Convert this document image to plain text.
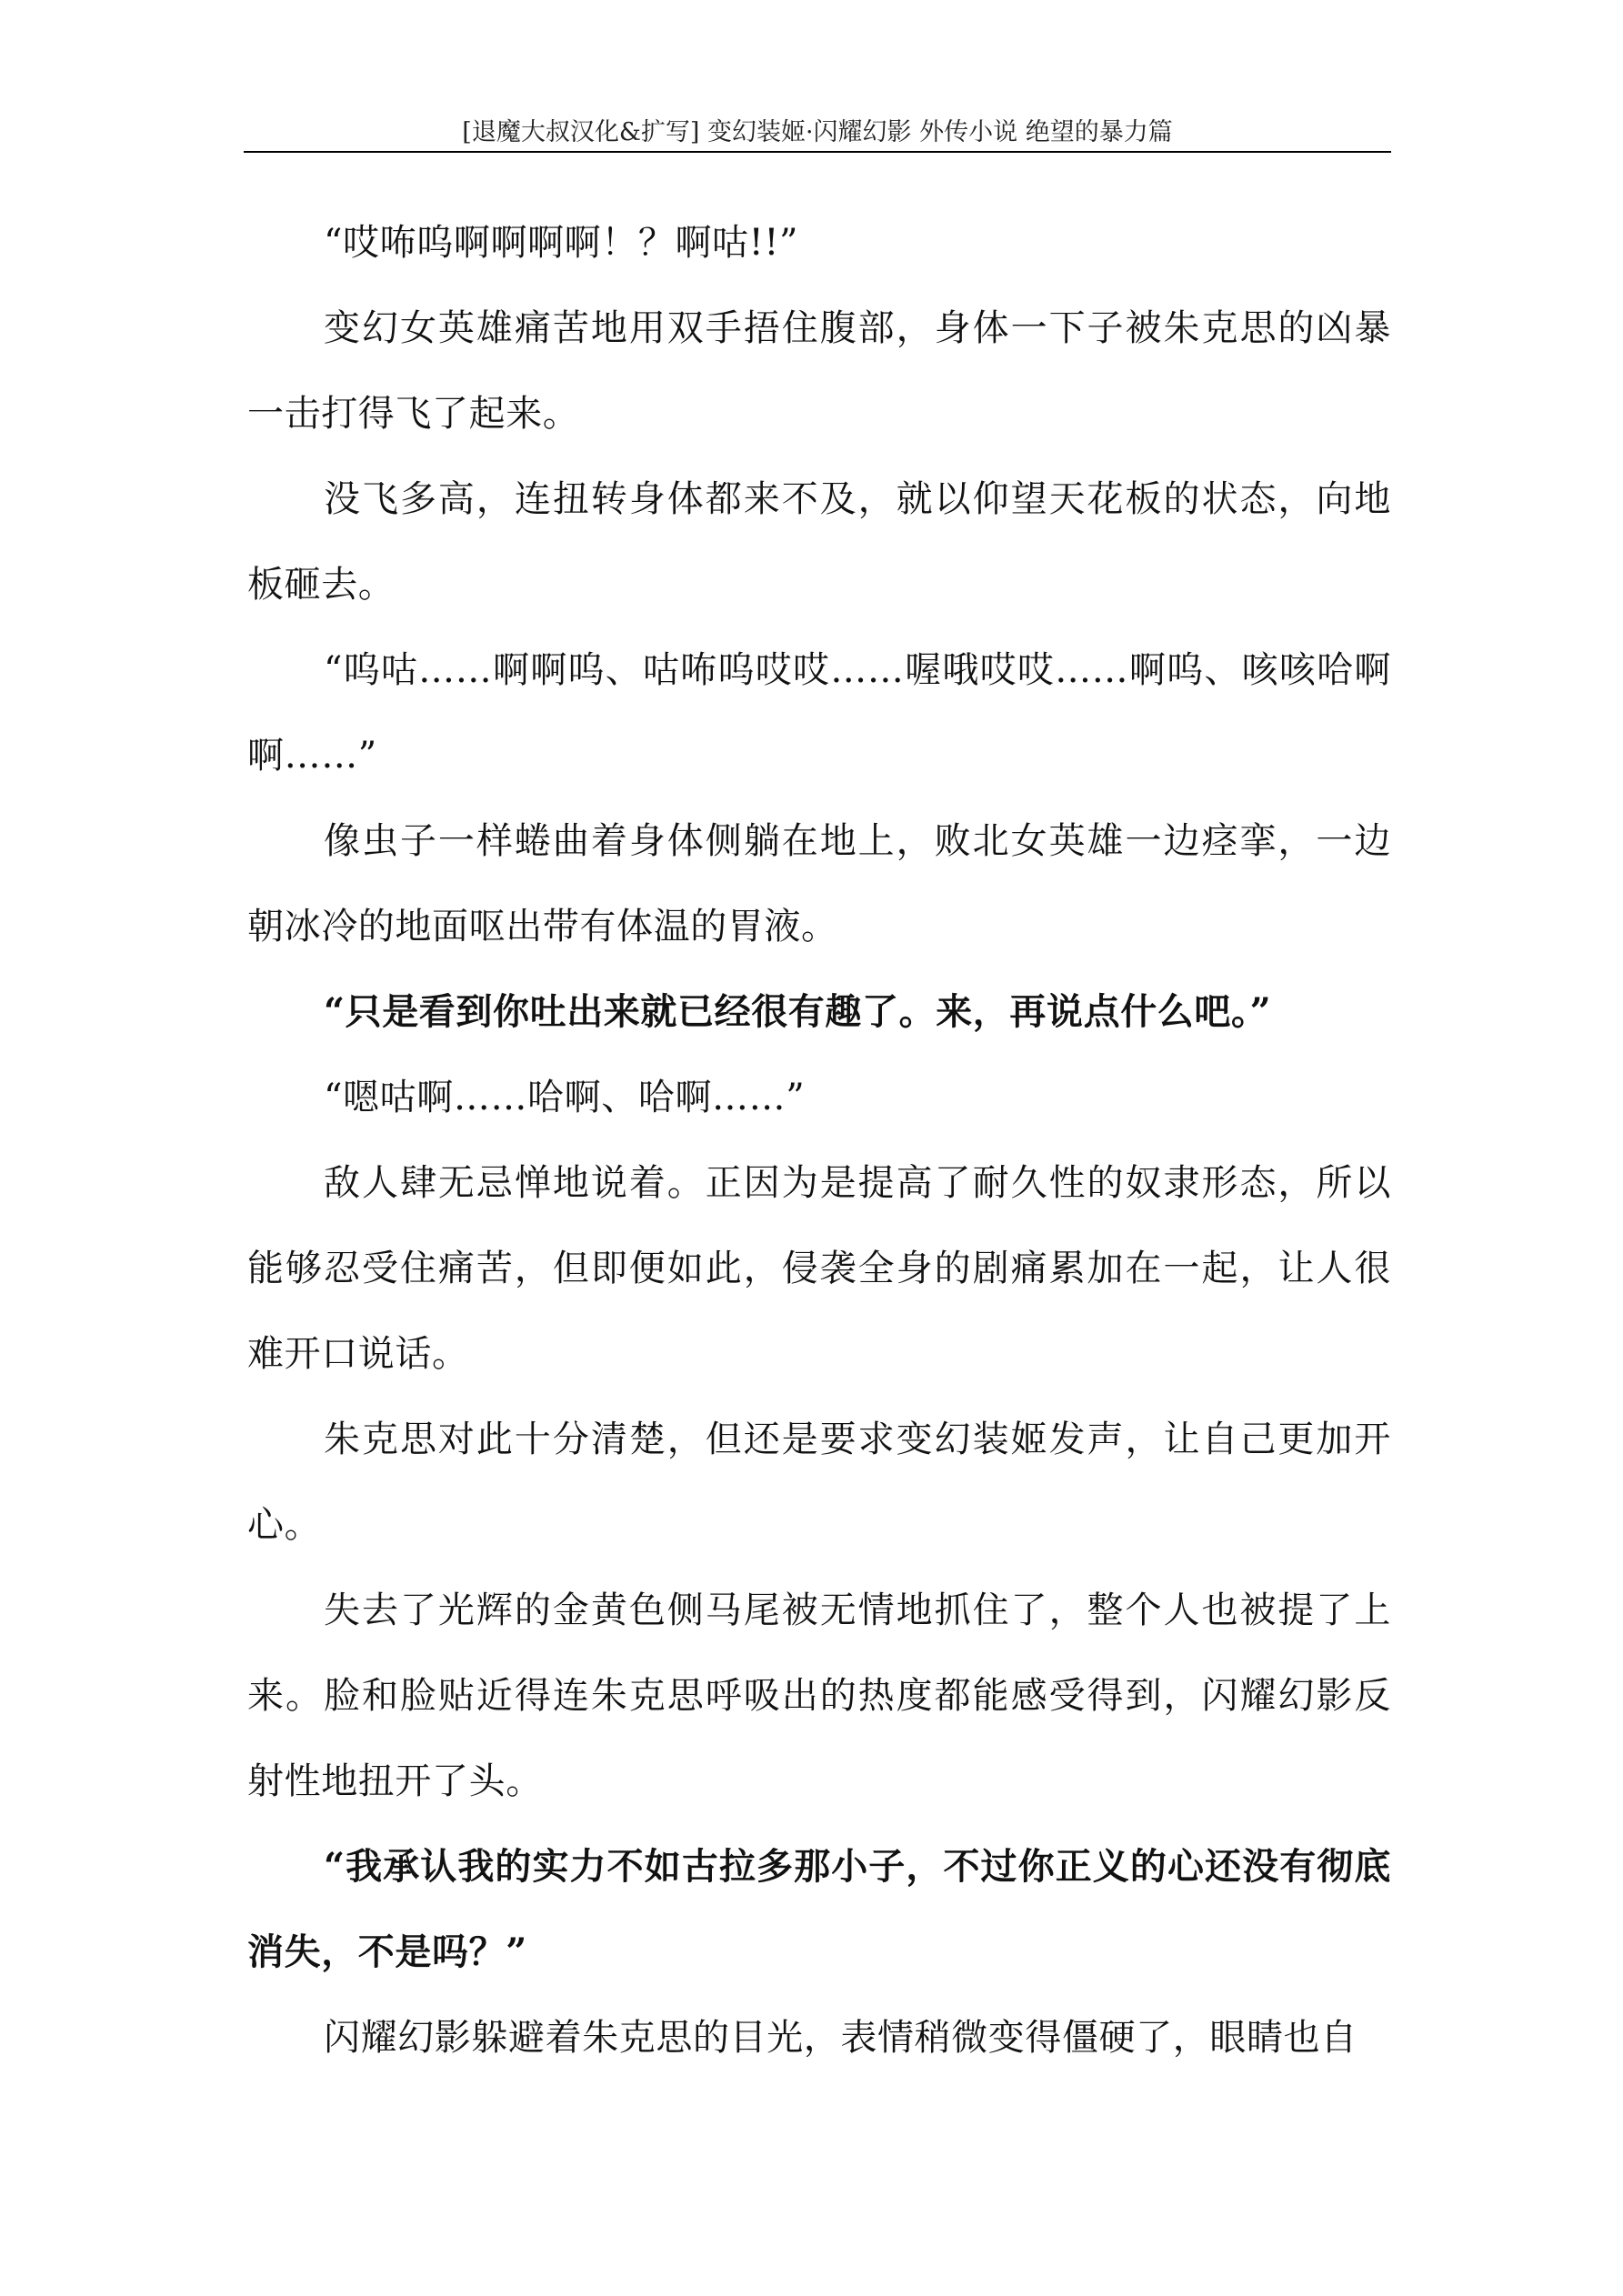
[退魔大叔汉化&扩写] 变幻装姬·闪耀幻影 外传小说 绝望的暴力篇

“哎咘呜啊啊啊啊！？啊咕!!”

变幻女英雄痛苦地用双手捂住腹部，身体一下子被朱克思的凶暴一击打得飞了起来。

没飞多高，连扭转身体都来不及，就以仰望天花板的状态，向地板砸去。

“呜咕……啊啊呜、咕咘呜哎哎……喔哦哎哎……啊呜、咳咳哈啊啊……”

像虫子一样蜷曲着身体侧躺在地上，败北女英雄一边痉挛，一边朝冰冷的地面呕出带有体温的胃液。

“只是看到你吐出来就已经很有趣了。来，再说点什么吧。”

“嗯咕啊……哈啊、哈啊……”

敌人肆无忌惮地说着。正因为是提高了耐久性的奴隶形态，所以能够忍受住痛苦，但即便如此，侵袭全身的剧痛累加在一起，让人很难开口说话。

朱克思对此十分清楚，但还是要求变幻装姬发声，让自己更加开心。

失去了光辉的金黄色侧马尾被无情地抓住了，整个人也被提了上来。脸和脸贴近得连朱克思呼吸出的热度都能感受得到，闪耀幻影反射性地扭开了头。

“我承认我的实力不如古拉多那小子，不过你正义的心还没有彻底消失，不是吗？”

闪耀幻影躲避着朱克思的目光，表情稍微变得僵硬了，眼睛也自
